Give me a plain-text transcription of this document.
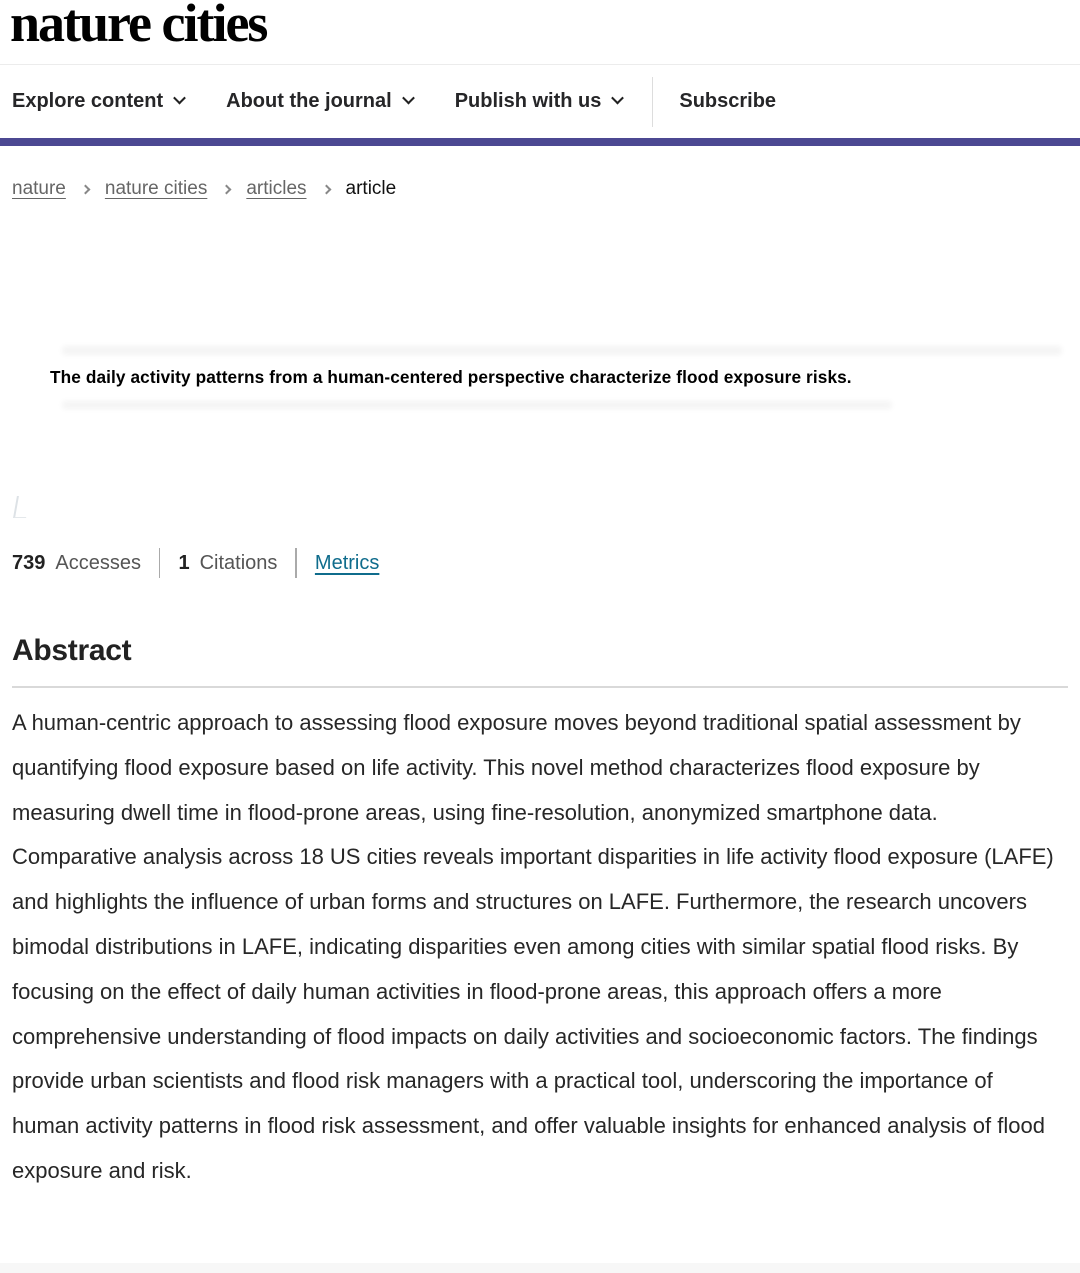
nature cities
Explore content	About the journal	Publish with us	Subscribe
nature nature cities articles article
The daily activity patterns from a human-centered perspective characterize flood exposure risks.
739 Accesses 1 Citations Metrics
Abstract

A human-centric approach to assessing flood exposure moves beyond traditional spatial assessment by quantifying flood exposure based on life activity. This novel method characterizes flood exposure by measuring dwell time in flood-prone areas, using fine-resolution, anonymized smartphone data. Comparative analysis across 18 US cities reveals important disparities in life activity flood exposure (LAFE) and highlights the influence of urban forms and structures on LAFE. Furthermore, the research uncovers bimodal distributions in LAFE, indicating disparities even among cities with similar spatial flood risks. By focusing on the effect of daily human activities in flood-prone areas, this approach offers a more comprehensive understanding of flood impacts on daily activities and socioeconomic factors. The findings provide urban scientists and flood risk managers with a practical tool, underscoring the importance of human activity patterns in flood risk assessment, and offer valuable insights for enhanced analysis of flood exposure and risk.
